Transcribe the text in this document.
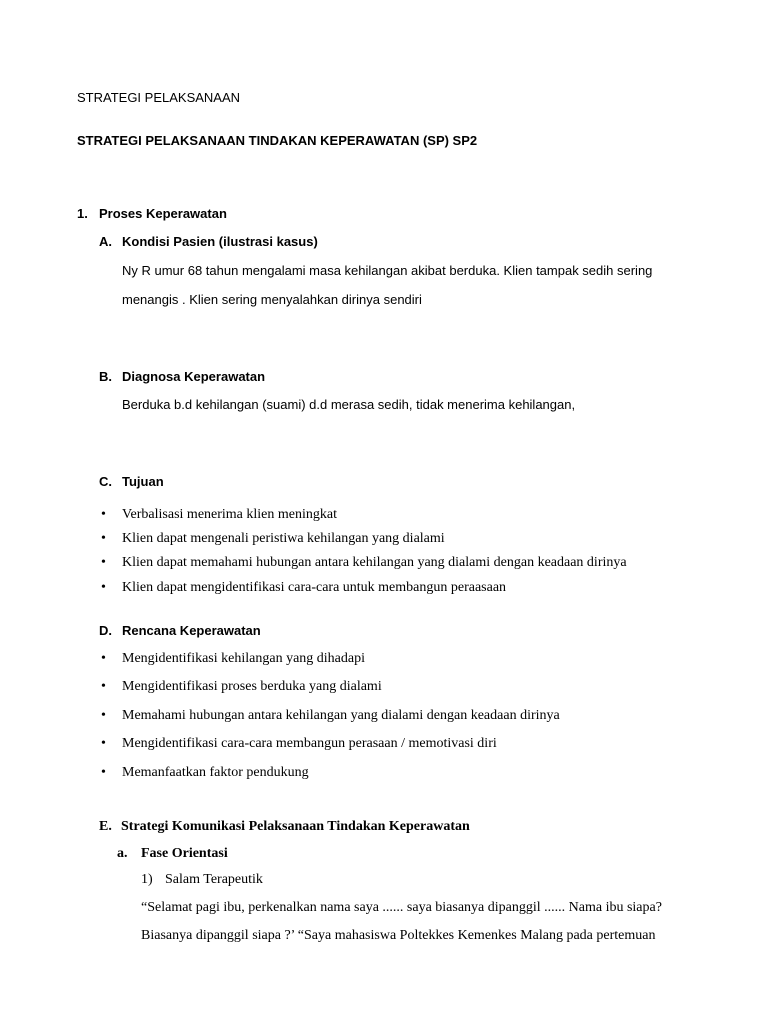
STRATEGI PELAKSANAAN
STRATEGI PELAKSANAAN TINDAKAN KEPERAWATAN (SP) SP2
1. Proses Keperawatan
A. Kondisi Pasien (ilustrasi kasus)
Ny R umur 68 tahun mengalami masa kehilangan akibat berduka. Klien tampak sedih sering
menangis . Klien sering menyalahkan dirinya sendiri
B. Diagnosa Keperawatan
Berduka b.d kehilangan (suami) d.d merasa sedih, tidak menerima kehilangan,
C. Tujuan
• Verbalisasi menerima klien meningkat
• Klien dapat mengenali peristiwa kehilangan yang dialami
• Klien dapat memahami hubungan antara kehilangan yang dialami dengan keadaan dirinya
• Klien dapat mengidentifikasi cara-cara untuk membangun peraasaan
D. Rencana Keperawatan
• Mengidentifikasi kehilangan yang dihadapi
• Mengidentifikasi proses berduka yang dialami
• Memahami hubungan antara kehilangan yang dialami dengan keadaan dirinya
• Mengidentifikasi cara-cara membangun perasaan / memotivasi diri
• Memanfaatkan faktor pendukung
E. Strategi Komunikasi Pelaksanaan Tindakan Keperawatan
a. Fase Orientasi
1) Salam Terapeutik
“Selamat pagi ibu, perkenalkan nama saya ...... saya biasanya dipanggil ...... Nama ibu siapa?
Biasanya dipanggil siapa ?’ “Saya mahasiswa Poltekkes Kemenkes Malang pada pertemuan
